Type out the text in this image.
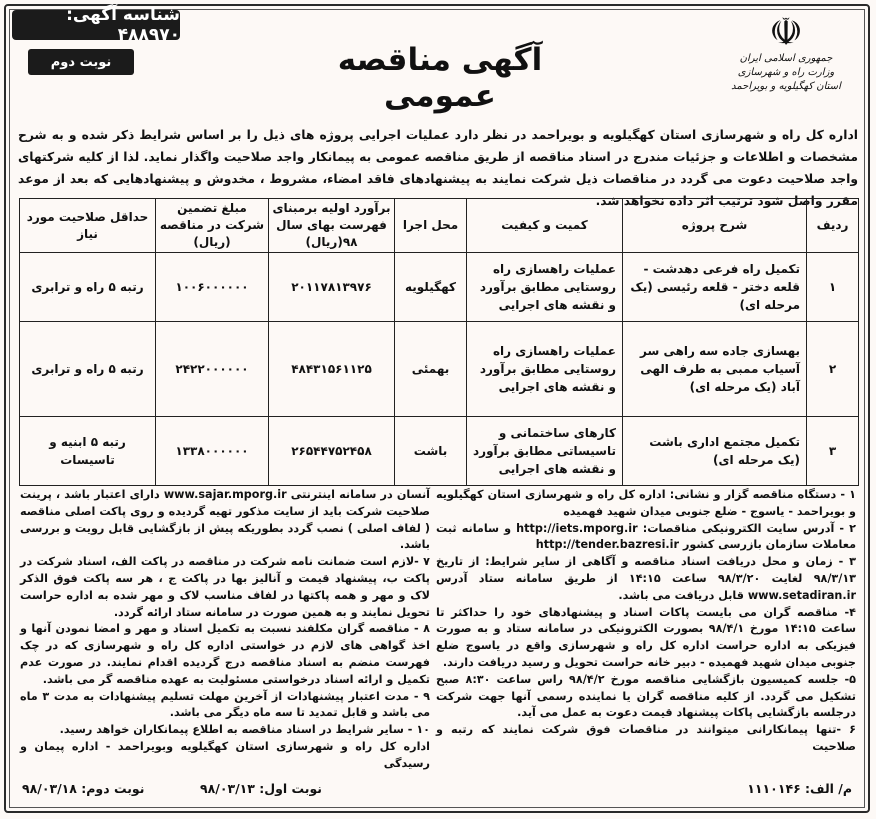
شناسه آگهی: ۴۸۸۹۷۰
نوبت دوم	آگهی مناقصه عمومی
☫
جمهوری اسلامی ایران
وزارت راه و شهرسازی
استان کهگیلویه و بویراحمد
اداره کل راه و شهرسازی استان کهگیلویه و بویراحمد در نظر دارد عملیات اجرایی پروژه های ذیل را بر اساس شرایط ذکر شده و به شرح مشخصات و اطلاعات و جزئیات مندرج در اسناد مناقصه از طریق مناقصه عمومی به پیمانکار واجد صلاحیت واگذار نماید. لذا از کلیه شرکتهای واجد صلاحیت دعوت می گردد در مناقصات ذیل شرکت نمایند به پیشنهادهای فاقد امضاء، مشروط ، مخدوش و پیشنهادهایی که بعد از موعد مقرر واصل شود ترتیب اثر داده نخواهد شد.
ردیف	شرح پروژه	کمیت و کیفیت	محل اجرا	برآورد اولیه برمبنای فهرست بهای سال ۹۸(ریال)	مبلغ تضمین شرکت در مناقصه (ریال)	حداقل صلاحیت مورد نیاز
۱	تکمیل راه فرعی دهدشت - قلعه دختر - قلعه رئیسی (یک مرحله ای)	عملیات راهسازی راه روستایی مطابق برآورد و نقشه های اجرایی	کهگیلویه	۲۰۱۱۷۸۱۳۹۷۶	۱۰۰۶۰۰۰۰۰۰	رتبه ۵ راه و ترابری
۲	بهسازی جاده سه راهی سر آسیاب ممبی به طرف الهی آباد (یک مرحله ای)	عملیات راهسازی راه روستایی مطابق برآورد و نقشه های اجرایی	بهمئی	۴۸۴۳۱۵۶۱۱۲۵	۲۴۲۲۰۰۰۰۰۰	رتبه ۵ راه و ترابری
۳	تکمیل مجتمع اداری باشت (یک مرحله ای)	کارهای ساختمانی و تاسیساتی مطابق برآورد و نقشه های اجرایی	باشت	۲۶۵۴۴۷۵۲۴۵۸	۱۳۳۸۰۰۰۰۰۰	رتبه ۵ ابنیه و تاسیسات
۱ - دستگاه مناقصه گزار و نشانی: اداره کل راه و شهرسازی استان کهگیلویه و بویراحمد - یاسوج - ضلع جنوبی میدان شهید فهمیده
۲ - آدرس سایت الکترونیکی مناقصات: http://iets.mporg.ir و سامانه ثبت معاملات سازمان بازرسی کشور http://tender.bazresi.ir
۳ - زمان و محل دریافت اسناد مناقصه و آگاهی از سایر شرایط: از تاریخ ۹۸/۳/۱۳ لغایت ۹۸/۳/۲۰ ساعت ۱۴:۱۵ از طریق سامانه ستاد آدرس www.setadiran.ir قابل دریافت می باشد.
۴- مناقصه گران می بایست پاکات اسناد و پیشنهادهای خود را حداکثر تا ساعت ۱۴:۱۵ مورخ ۹۸/۴/۱ بصورت الکترونیکی در سامانه ستاد و به صورت فیزیکی به اداره حراست اداره کل راه و شهرسازی واقع در یاسوج ضلع جنوبی میدان شهید فهمیده - دبیر خانه حراست تحویل و رسید دریافت دارند.
۵- جلسه کمیسیون بازگشایی مناقصه مورخ ۹۸/۴/۲ راس ساعت ۸:۳۰ صبح تشکیل می گردد. از کلیه مناقصه گران یا نماینده رسمی آنها جهت شرکت درجلسه بازگشایی پاکات پیشنهاد قیمت دعوت به عمل می آید.
۶ -تنها پیمانکارانی میتوانند در مناقصات فوق شرکت نمایند که رتبه و صلاحیت
آنسان در سامانه اینترنتی www.sajar.mporg.ir دارای اعتبار باشد ، پرینت صلاحیت شرکت باید از سایت مذکور تهیه گردیده و روی پاکت اصلی مناقصه ( لفاف اصلی ) نصب گردد بطوریکه پیش از بازگشایی قابل رویت و بررسی باشد.
۷ -لازم است ضمانت نامه شرکت در مناقصه در پاکت الف، اسناد شرکت در پاکت ب، پیشنهاد قیمت و آنالیز بها در پاکت ج ، هر سه پاکت فوق الذکر لاک و مهر و همه پاکتها در لفاف مناسب لاک و مهر شده به اداره حراست تحویل نمایند و به همین صورت در سامانه ستاد ارائه گردد.
۸ - مناقصه گران مکلفند نسبت به تکمیل اسناد و مهر و امضا نمودن آنها و اخذ گواهی های لازم در خواستی اداره کل راه و شهرسازی که در چک فهرست منضم به اسناد مناقصه درج گردیده اقدام نمایند. در صورت عدم تکمیل و ارائه اسناد درخواستی مسئولیت به عهده مناقصه گر می باشد.
۹ - مدت اعتبار پیشنهادات از آخرین مهلت تسلیم پیشنهادات به مدت ۳ ماه می باشد و قابل تمدید تا سه ماه دیگر می باشد.
۱۰ - سایر شرایط در اسناد مناقصه به اطلاع پیمانکاران خواهد رسید.
اداره کل راه و شهرسازی استان کهگیلویه وبویراحمد - اداره پیمان و رسیدگی
م/ الف: ۱۱۱۰۱۴۶
نوبت اول: ۹۸/۰۳/۱۳
نوبت دوم: ۹۸/۰۳/۱۸
